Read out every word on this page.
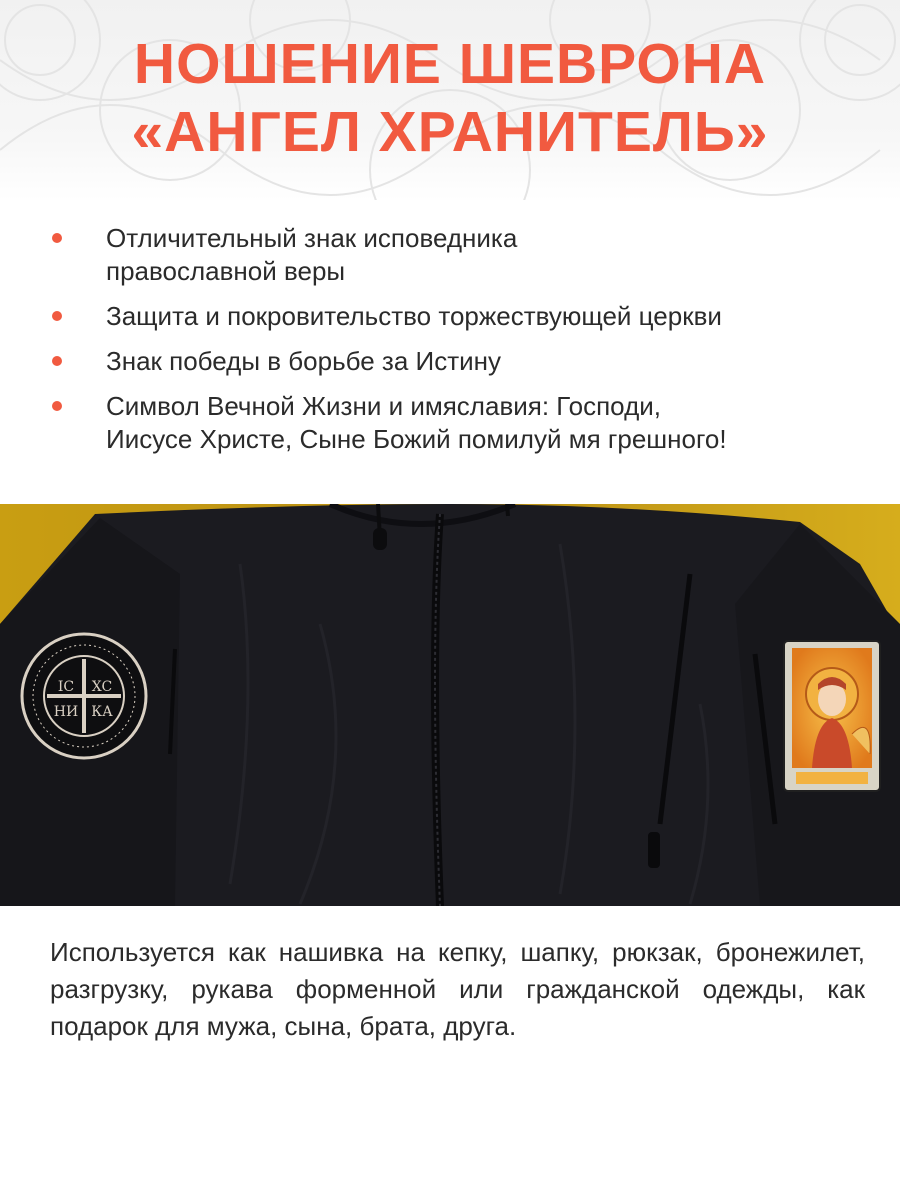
НОШЕНИЕ ШЕВРОНА
«АНГЕЛ ХРАНИТЕЛЬ»
Отличительный знак исповедника
православной веры
Защита и покровительство торжествующей церкви
Знак победы в борьбе за Истину
Символ Вечной Жизни и имяславия: Господи,
Иисусе Христе, Сыне Божий помилуй мя грешного!
IC XC
НИ КА

Используется как нашивка на кепку, шапку, рюкзак, бронежилет, разгрузку, рукава форменной или гражданской одежды, как подарок для мужа, сына, брата, друга.
